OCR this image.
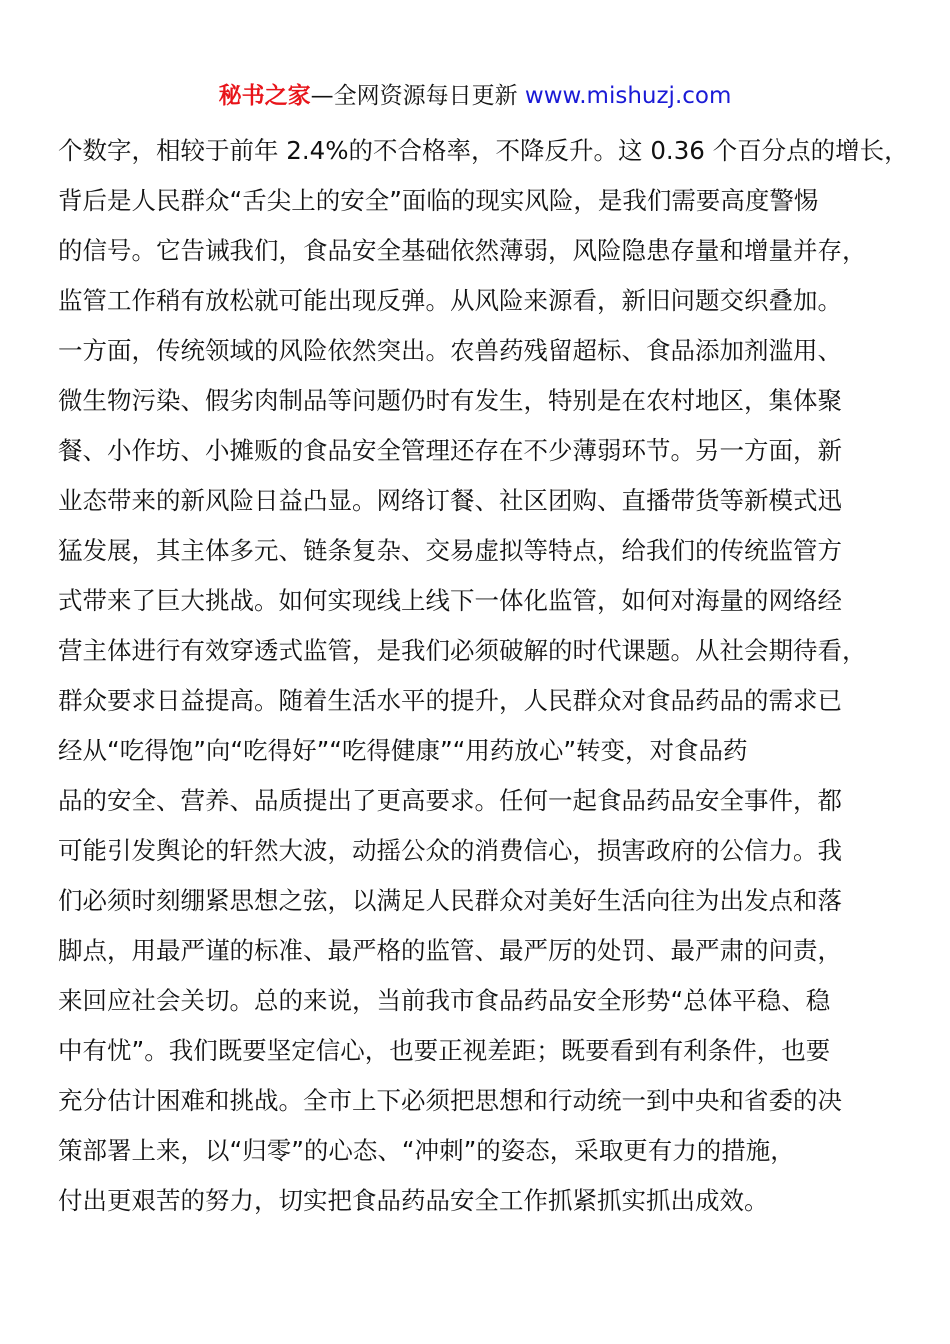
秘书之家—全网资源每日更新 www.mishuzj.com
个数字，相较于前年 2.4%的不合格率，不降反升。这 0.36 个百分点的增长，
背后是人民群众“舌尖上的安全”面临的现实风险，是我们需要高度警惕
的信号。它告诫我们，食品安全基础依然薄弱，风险隐患存量和增量并存，
监管工作稍有放松就可能出现反弹。从风险来源看，新旧问题交织叠加。
一方面，传统领域的风险依然突出。农兽药残留超标、食品添加剂滥用、
微生物污染、假劣肉制品等问题仍时有发生，特别是在农村地区，集体聚
餐、小作坊、小摊贩的食品安全管理还存在不少薄弱环节。另一方面，新
业态带来的新风险日益凸显。网络订餐、社区团购、直播带货等新模式迅
猛发展，其主体多元、链条复杂、交易虚拟等特点，给我们的传统监管方
式带来了巨大挑战。如何实现线上线下一体化监管，如何对海量的网络经
营主体进行有效穿透式监管，是我们必须破解的时代课题。从社会期待看，
群众要求日益提高。随着生活水平的提升，人民群众对食品药品的需求已
经从“吃得饱”向“吃得好”“吃得健康”“用药放心”转变，对食品药
品的安全、营养、品质提出了更高要求。任何一起食品药品安全事件，都
可能引发舆论的轩然大波，动摇公众的消费信心，损害政府的公信力。我
们必须时刻绷紧思想之弦，以满足人民群众对美好生活向往为出发点和落
脚点，用最严谨的标准、最严格的监管、最严厉的处罚、最严肃的问责，
来回应社会关切。总的来说，当前我市食品药品安全形势“总体平稳、稳
中有忧”。我们既要坚定信心，也要正视差距；既要看到有利条件，也要
充分估计困难和挑战。全市上下必须把思想和行动统一到中央和省委的决
策部署上来，以“归零”的心态、“冲刺”的姿态，采取更有力的措施，
付出更艰苦的努力，切实把食品药品安全工作抓紧抓实抓出成效。
